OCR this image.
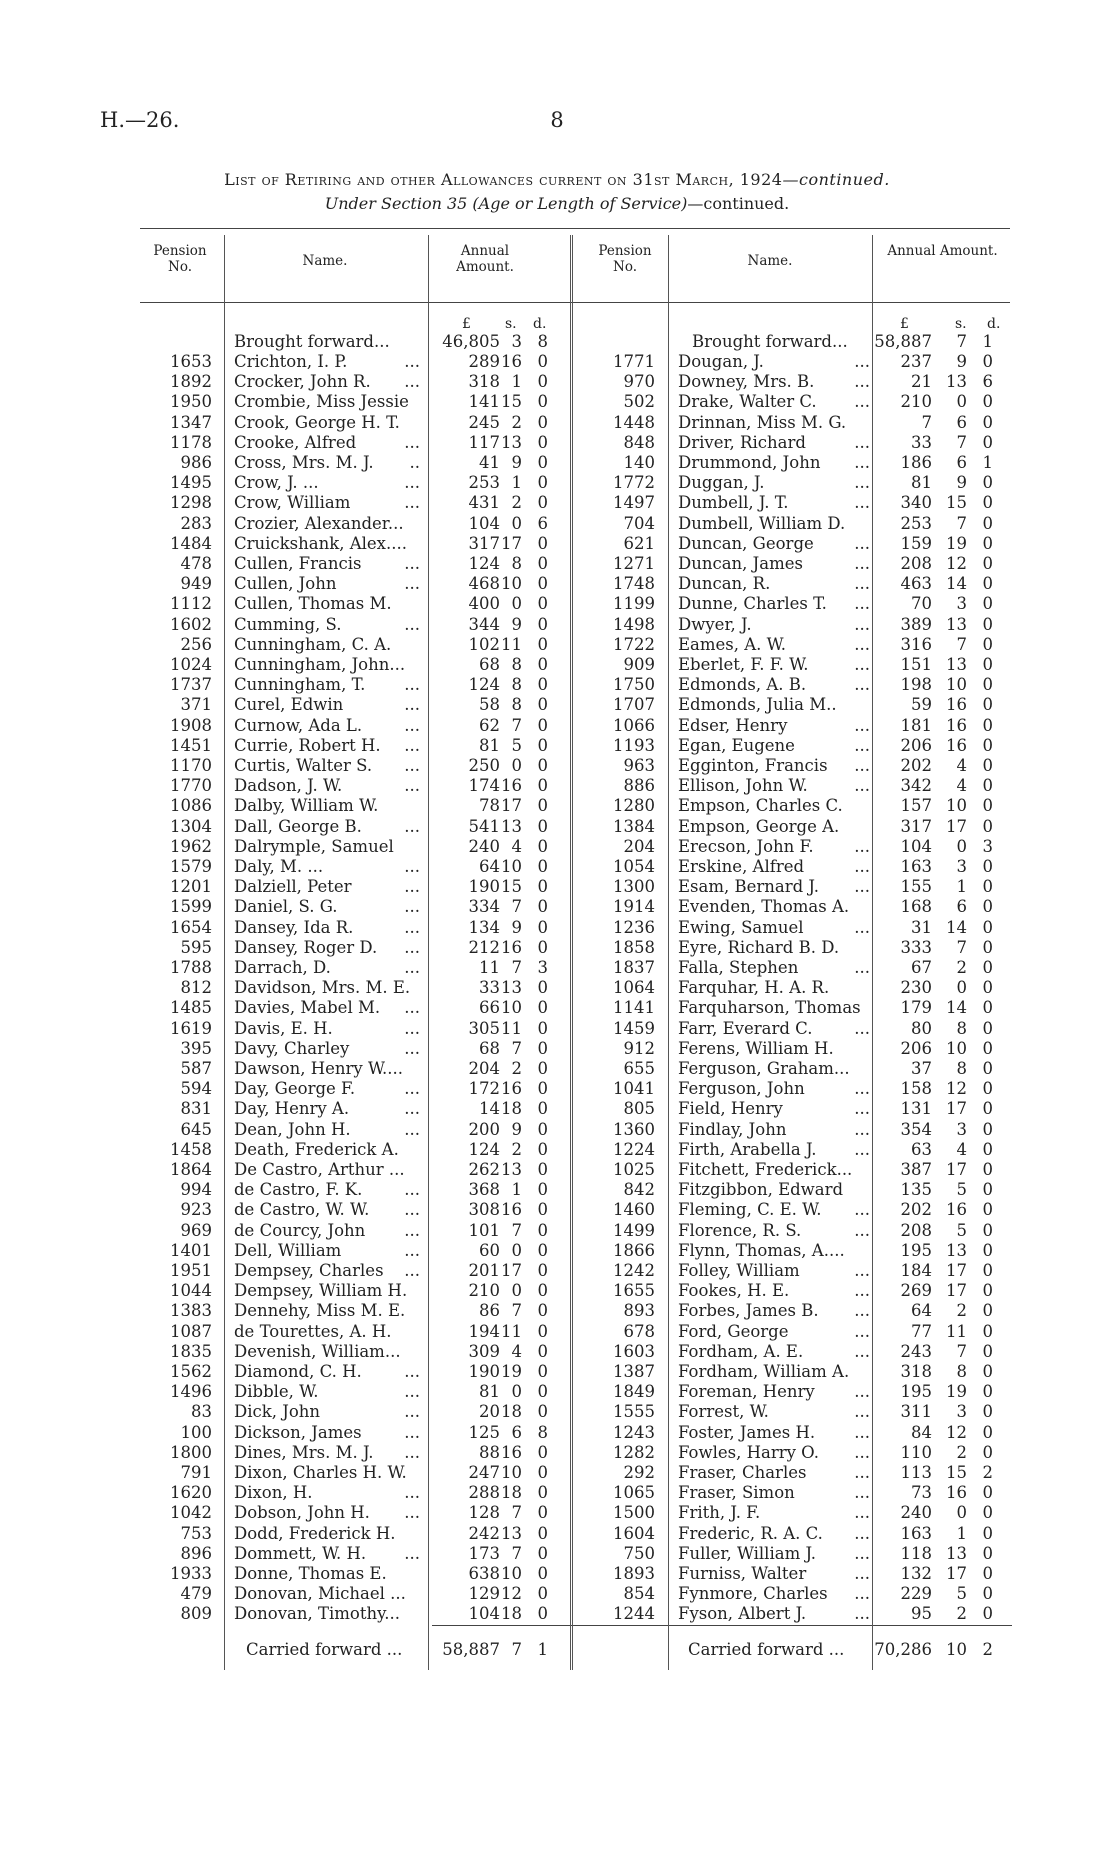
H.—26.	8
List of Retiring and other Allowances current on 31st March, 1924—continued.
Under Section 35 (Age or Length of Service)—continued.
Pension No.	Name.
Annual Amount.
Pension No.	Name.
Annual Amount.
£ s. d.	£	s. d.
Brought forward...	46,805 3 8	Brought forward...	58,887	7 1
1653 Crichton, I. P.	...	289 16 0
1892 Crocker, John R.	...	318 1 0
1950 Crombie, Miss Jessie	141 15 0
1347 Crook, George H. T.	245 2 0
1178 Crooke, Alfred	...	117 13 0
986 Cross, Mrs. M. J.	..	41 9 0
1495 Crow, J. ...	...	253 1 0
1298 Crow, William	...	431 2 0
283 Crozier, Alexander...	104 0 6
1484 Cruickshank, Alex....	317 17 0
478 Cullen, Francis	...	124 8 0
949 Cullen, John	...	468 10 0
1112 Cullen, Thomas M.	400 0 0
1602 Cumming, S.	...	344 9 0
256 Cunningham, C. A.	102 11 0
1024 Cunningham, John...	68 8 0
1737 Cunningham, T.	...	124 8 0
371 Curel, Edwin	...	58 8 0
1908 Curnow, Ada L.	...	62 7 0
1451 Currie, Robert H.	...	81 5 0
1170 Curtis, Walter S.	...	250 0 0
1770 Dadson, J. W.	...	174 16 0
1086 Dalby, William W.	78 17 0
1304 Dall, George B.	...	541 13 0
1962 Dalrymple, Samuel	240 4 0
1579 Daly, M. ...	...	64 10 0
1201 Dalziell, Peter	...	190 15 0
1599 Daniel, S. G.	...	334 7 0
1654 Dansey, Ida R.	...	134 9 0
595 Dansey, Roger D.	...	212 16 0
1788 Darrach, D.	...	11 7 3
812 Davidson, Mrs. M. E.	33 13 0
1485 Davies, Mabel M.	...	66 10 0
1619 Davis, E. H.	...	305 11 0
395 Davy, Charley	...	68 7 0
587 Dawson, Henry W....	204 2 0
594 Day, George F.	...	172 16 0
831 Day, Henry A.	...	14 18 0
645 Dean, John H.	...	200 9 0
1458 Death, Frederick A.	124 2 0
1864 De Castro, Arthur ...	262 13 0
994 de Castro, F. K.	...	368 1 0
923 de Castro, W. W.	...	308 16 0
969 de Courcy, John	...	101 7 0
1401 Dell, William	...	60 0 0
1951 Dempsey, Charles	...	201 17 0
1044 Dempsey, William H.	210 0 0
1383 Dennehy, Miss M. E.	86 7 0
1087 de Tourettes, A. H.	194 11 0
1835 Devenish, William...	309 4 0
1562 Diamond, C. H.	...	190 19 0
1496 Dibble, W.	...	81 0 0
83 Dick, John	...	20 18 0
100 Dickson, James	...	125 6 8
1800 Dines, Mrs. M. J.	...	88 16 0
791 Dixon, Charles H. W.	247 10 0
1620 Dixon, H.	...	288 18 0
1042 Dobson, John H.	...	128 7 0
753 Dodd, Frederick H.	242 13 0
896 Dommett, W. H.	...	173 7 0
1933 Donne, Thomas E.	638 10 0
479 Donovan, Michael ...	129 12 0
809 Donovan, Timothy...	104 18 0
1771 Dougan, J.	...	237	9 0
970 Downey, Mrs. B.	...	21 13 6
502 Drake, Walter C.	...	210	0 0
1448 Drinnan, Miss M. G.	7	6 0
848 Driver, Richard	...	33	7 0
140 Drummond, John	...	186	6 1
1772 Duggan, J.	...	81	9 0
1497 Dumbell, J. T.	...	340 15 0
704 Dumbell, William D.	253	7 0
621 Duncan, George	...	159 19 0
1271 Duncan, James	...	208 12 0
1748 Duncan, R.	...	463 14 0
1199 Dunne, Charles T.	...	70	3 0
1498 Dwyer, J.	...	389 13 0
1722 Eames, A. W.	...	316	7 0
909 Eberlet, F. F. W.	...	151 13 0
1750 Edmonds, A. B.	...	198 10 0
1707 Edmonds, Julia M..	59 16 0
1066 Edser, Henry	...	181 16 0
1193 Egan, Eugene	...	206 16 0
963 Egginton, Francis	...	202	4 0
886 Ellison, John W.	...	342	4 0
1280 Empson, Charles C.	157 10 0
1384 Empson, George A.	317 17 0
204 Erecson, John F.	...	104	0 3
1054 Erskine, Alfred	...	163	3 0
1300 Esam, Bernard J.	...	155	1 0
1914 Evenden, Thomas A.	168	6 0
1236 Ewing, Samuel	...	31 14 0
1858 Eyre, Richard B. D.	333	7 0
1837 Falla, Stephen	...	67	2 0
1064 Farquhar, H. A. R.	230	0 0
1141 Farquharson, Thomas	179 14 0
1459 Farr, Everard C.	...	80	8 0
912 Ferens, William H.	206 10 0
655 Ferguson, Graham...	37	8 0
1041 Ferguson, John	...	158 12 0
805 Field, Henry	...	131 17 0
1360 Findlay, John	...	354	3 0
1224 Firth, Arabella J.	...	63	4 0
1025 Fitchett, Frederick...	387 17 0
842 Fitzgibbon, Edward	135	5 0
1460 Fleming, C. E. W.	...	202 16 0
1499 Florence, R. S.	...	208	5 0
1866 Flynn, Thomas, A....	195 13 0
1242 Folley, William	...	184 17 0
1655 Fookes, H. E.	...	269 17 0
893 Forbes, James B.	...	64	2 0
678 Ford, George	...	77 11 0
1603 Fordham, A. E.	...	243	7 0
1387 Fordham, William A.	318	8 0
1849 Foreman, Henry	...	195 19 0
1555 Forrest, W.	...	311	3 0
1243 Foster, James H.	...	84 12 0
1282 Fowles, Harry O.	...	110	2 0
292 Fraser, Charles	...	113 15 2
1065 Fraser, Simon	...	73 16 0
1500 Frith, J. F.	...	240	0 0
1604 Frederic, R. A. C.	...	163	1 0
750 Fuller, William J.	...	118 13 0
1893 Furniss, Walter	...	132 17 0
854 Fynmore, Charles	...	229	5 0
1244 Fyson, Albert J.	...	95	2 0
Carried forward ...	58,887 7 1	Carried forward ...	70,286 10 2
